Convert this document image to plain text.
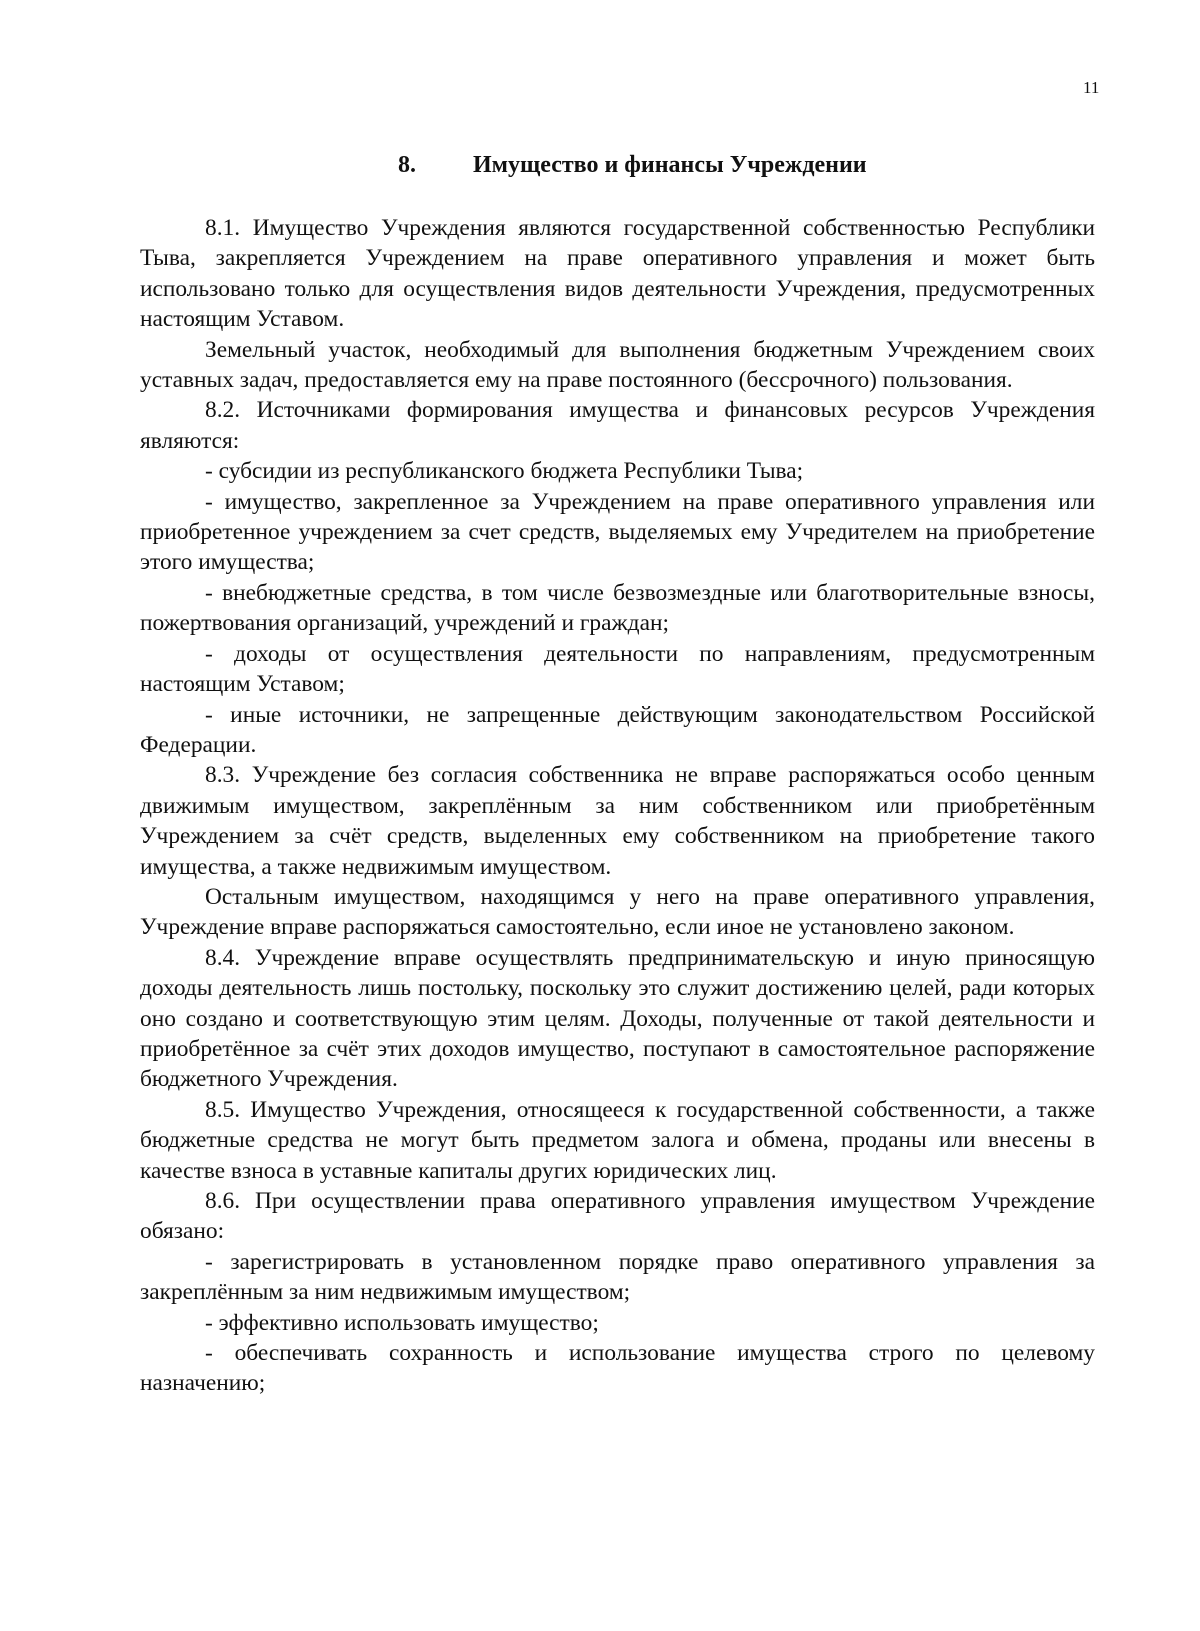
11
8. Имущество и финансы Учреждении

8.1. Имущество Учреждения являются государственной собственностью Республики Тыва, закрепляется Учреждением на праве оперативного управления и может быть использовано только для осуществления видов деятельности Учреждения, предусмотренных настоящим Уставом.

Земельный участок, необходимый для выполнения бюджетным Учреждением своих уставных задач, предоставляется ему на праве постоянного (бессрочного) пользования.

8.2. Источниками формирования имущества и финансовых ресурсов Учреждения являются:

- субсидии из республиканского бюджета Республики Тыва;

- имущество, закрепленное за Учреждением на праве оперативного управления или приобретенное учреждением за счет средств, выделяемых ему Учредителем на приобретение этого имущества;

- внебюджетные средства, в том числе безвозмездные или благотворительные взносы, пожертвования организаций, учреждений и граждан;

- доходы от осуществления деятельности по направлениям, предусмотренным настоящим Уставом;

- иные источники, не запрещенные действующим законодательством Российской Федерации.

8.3. Учреждение без согласия собственника не вправе распоряжаться особо ценным движимым имуществом, закреплённым за ним собственником или приобретённым Учреждением за счёт средств, выделенных ему собственником на приобретение такого имущества, а также недвижимым имуществом.

Остальным имуществом, находящимся у него на праве оперативного управления, Учреждение вправе распоряжаться самостоятельно, если иное не установлено законом.

8.4. Учреждение вправе осуществлять предпринимательскую и иную приносящую доходы деятельность лишь постольку, поскольку это служит достижению целей, ради которых оно создано и соответствующую этим целям. Доходы, полученные от такой деятельности и приобретённое за счёт этих доходов имущество, поступают в самостоятельное распоряжение бюджетного Учреждения.

8.5. Имущество Учреждения, относящееся к государственной собственности, а также бюджетные средства не могут быть предметом залога и обмена, проданы или внесены в качестве взноса в уставные капиталы других юридических лиц.

8.6. При осуществлении права оперативного управления имуществом Учреждение обязано:

- зарегистрировать в установленном порядке право оперативного управления за закреплённым за ним недвижимым имуществом;

- эффективно использовать имущество;

- обеспечивать сохранность и использование имущества строго по целевому назначению;
